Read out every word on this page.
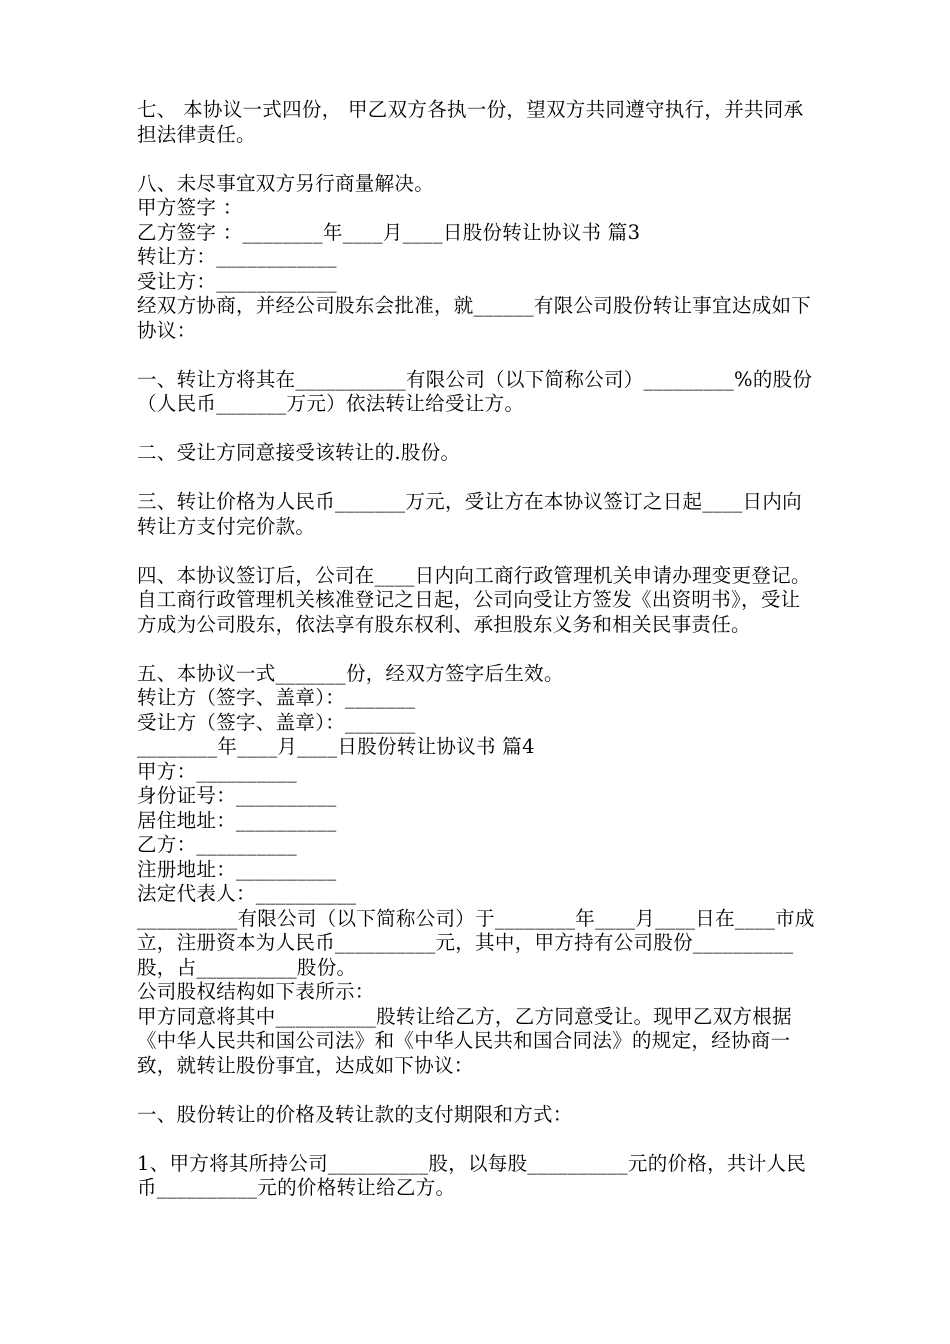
七、 本协议一式四份， 甲乙双方各执一份，望双方共同遵守执行，并共同承担法律责任。

八、未尽事宜双方另行商量解决。

甲方签字 ：

乙方签字 ：________年____月____日股份转让协议书 篇3

转让方：____________

受让方：____________

经双方协商，并经公司股东会批准，就______有限公司股份转让事宜达成如下协议：

一、转让方将其在___________有限公司（以下简称公司）_________%的股份（人民币_______万元）依法转让给受让方。

二、受让方同意接受该转让的.股份。

三、转让价格为人民币_______万元，受让方在本协议签订之日起____日内向转让方支付完价款。

四、本协议签订后，公司在____日内向工商行政管理机关申请办理变更登记。自工商行政管理机关核准登记之日起，公司向受让方签发《出资明书》，受让方成为公司股东，依法享有股东权利、承担股东义务和相关民事责任。

五、本协议一式_______份，经双方签字后生效。

转让方（签字、盖章）：_______

受让方（签字、盖章）：_______

________年____月____日股份转让协议书 篇4

甲方：__________

身份证号：__________

居住地址：__________

乙方：__________

注册地址：__________

法定代表人：__________

__________有限公司（以下简称公司）于________年____月____日在____市成立，注册资本为人民币__________元，其中，甲方持有公司股份__________股，占__________股份。

公司股权结构如下表所示：

甲方同意将其中__________股转让给乙方，乙方同意受让。现甲乙双方根据《中华人民共和国公司法》和《中华人民共和国合同法》的规定，经协商一致，就转让股份事宜，达成如下协议：

一、股份转让的价格及转让款的支付期限和方式：

1、甲方将其所持公司__________股，以每股__________元的价格，共计人民币__________元的价格转让给乙方。
